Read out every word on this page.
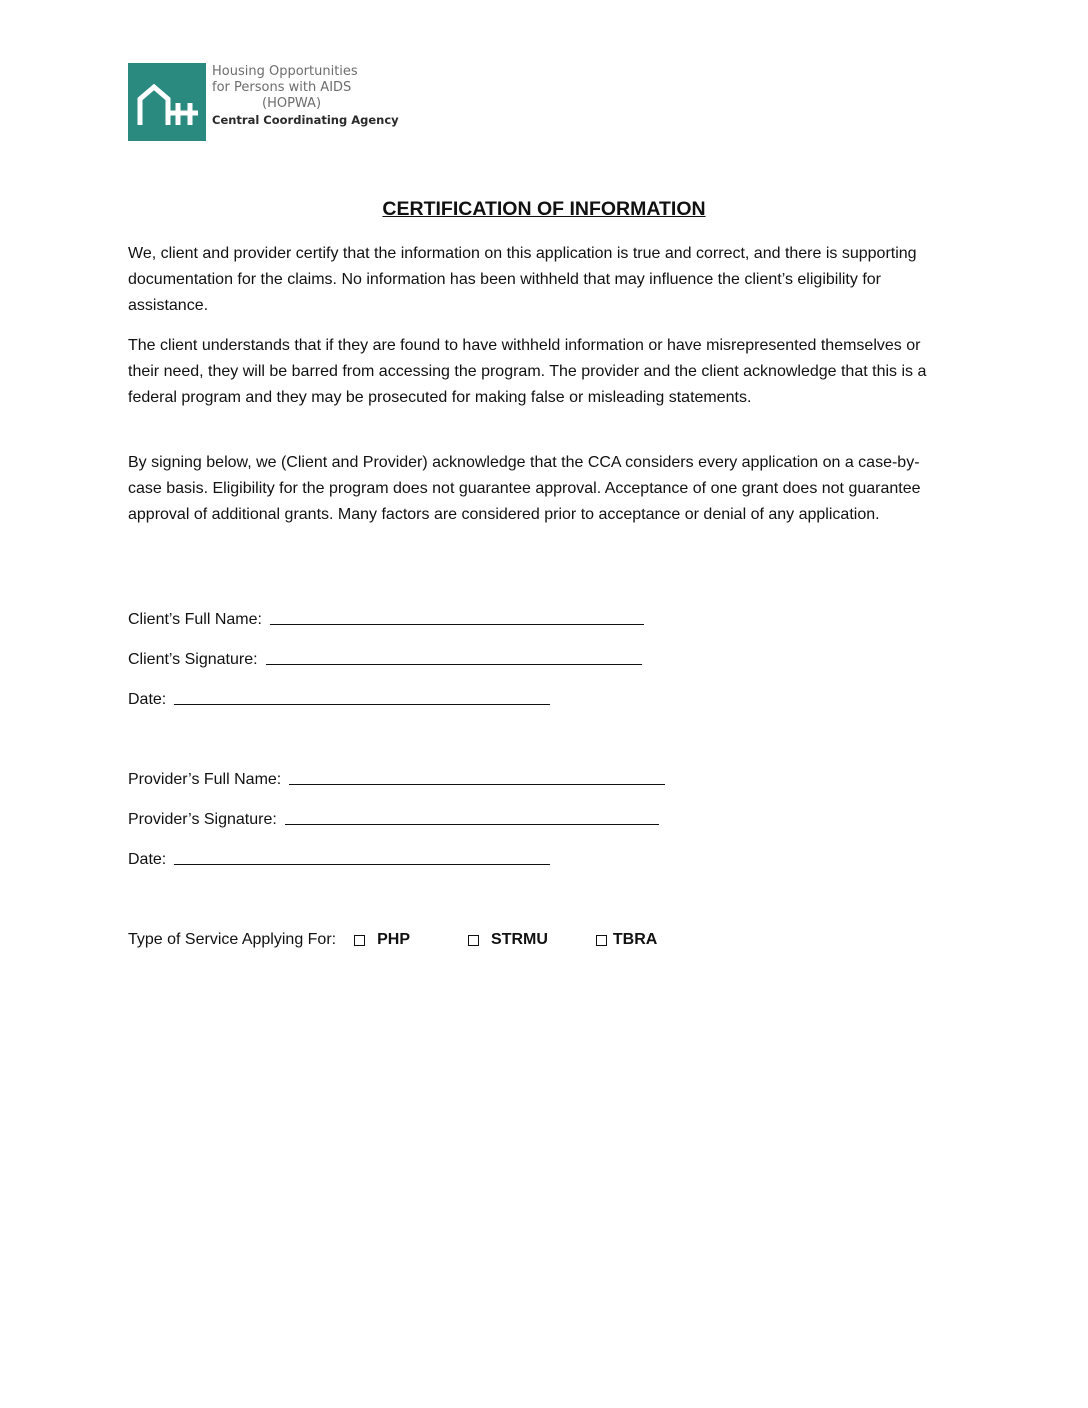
Housing Opportunities
for Persons with AIDS
(HOPWA)
Central Coordinating Agency
CERTIFICATION OF INFORMATION

We, client and provider certify that the information on this application is true and correct, and there is supporting documentation for the claims. No information has been withheld that may influence the client’s eligibility for assistance.

The client understands that if they are found to have withheld information or have misrepresented themselves or their need, they will be barred from accessing the program. The provider and the client acknowledge that this is a federal program and they may be prosecuted for making false or misleading statements.

By signing below, we (Client and Provider) acknowledge that the CCA considers every application on a case-by-case basis. Eligibility for the program does not guarantee approval. Acceptance of one grant does not guarantee approval of additional grants. Many factors are considered prior to acceptance or denial of any application.

Client’s Full Name:
Client’s Signature:
Date:
Provider’s Full Name:
Provider’s Signature:
Date:
Type of Service Applying For:	PHP	STRMU	TBRA
